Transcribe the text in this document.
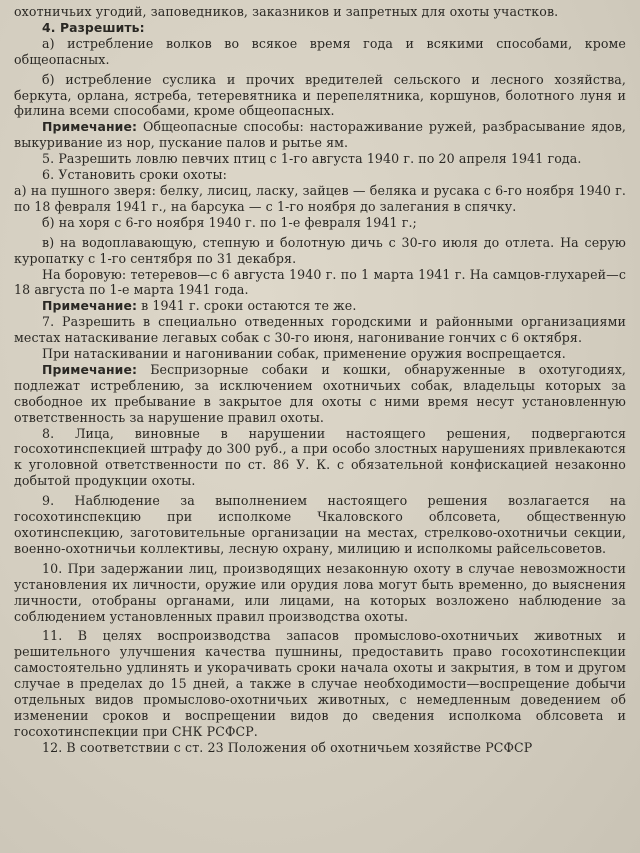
охотничьих угодий, заповедников, заказников и запретных для охоты участков.

4. Разрешить:

а) истребление волков во всякое время года и всякими способами, кроме общеопасных.

б) истребление суслика и прочих вредителей сельского и лесного хозяйства, беркута, орлана, ястреба, тетеревятника и перепелятника, коршунов, болотного луня и филина всеми способами, кроме общеопасных.

Примечание: Общеопасные способы: настораживание ружей, разбрасывание ядов, выкуривание из нор, пускание палов и рытье ям.

5. Разрешить ловлю певчих птиц с 1-го августа 1940 г. по 20 апреля 1941 года.

6. Установить сроки охоты:

а) на пушного зверя: белку, лисиц, ласку, зайцев — беляка и русака с 6-го ноября 1940 г. по 18 февраля 1941 г., на барсука — с 1-го ноября до залегания в спячку.

б) на хоря с 6-го ноября 1940 г. по 1-е февраля 1941 г.;

в) на водоплавающую, степную и болотную дичь с 30-го июля до отлета. На серую куропатку с 1-го сентября по 31 декабря.

На боровую: тетеревов—с 6 августа 1940 г. по 1 марта 1941 г. На самцов-глухарей—с 18 августа по 1-е марта 1941 года.

Примечание: в 1941 г. сроки остаются те же.

7. Разрешить в специально отведенных городскими и районными организациями местах натаскивание легавых собак с 30-го июня, нагонивание гончих с 6 октября.

При натаскивании и нагонивании собак, применение оружия воспрещается.

Примечание: Беспризорные собаки и кошки, обнаруженные в охотугодиях, подлежат истреблению, за исключением охотничьих собак, владельцы которых за свободное их пребывание в закрытое для охоты с ними время несут установленную ответственность за нарушение правил охоты.

8. Лица, виновные в нарушении настоящего решения, подвергаются госохотинспекцией штрафу до 300 руб., а при особо злостных нарушениях привлекаются к уголовной ответственности по ст. 86 У. К. с обязательной конфискацией незаконно добытой продукции охоты.

9. Наблюдение за выполнением настоящего решения возлагается на госохотинспекцию при исполкоме Чкаловского облсовета, общественную охотинспекцию, заготовительные организации на местах, стрелково-охотничьи секции, военно-охотничьи коллективы, лесную охрану, милицию и исполкомы райсельсоветов.

10. При задержании лиц, производящих незаконную охоту в случае невозможности установления их личности, оружие или орудия лова могут быть временно, до выяснения личности, отобраны органами, или лицами, на которых возложено наблюдение за соблюдением установленных правил производства охоты.

11. В целях воспроизводства запасов промыслово-охотничьих животных и решительного улучшения качества пушнины, предоставить право госохотинспекции самостоятельно удлинять и укорачивать сроки начала охоты и закрытия, в том и другом случае в пределах до 15 дней, а также в случае необходимости—воспрещение добычи отдельных видов промыслово-охотничьих животных, с немедленным доведением об изменении сроков и воспрещении видов до сведения исполкома облсовета и госохотинспекции при СНК РСФСР.

12. В соответствии с ст. 23 Положения об охотничьем хозяйстве РСФСР
